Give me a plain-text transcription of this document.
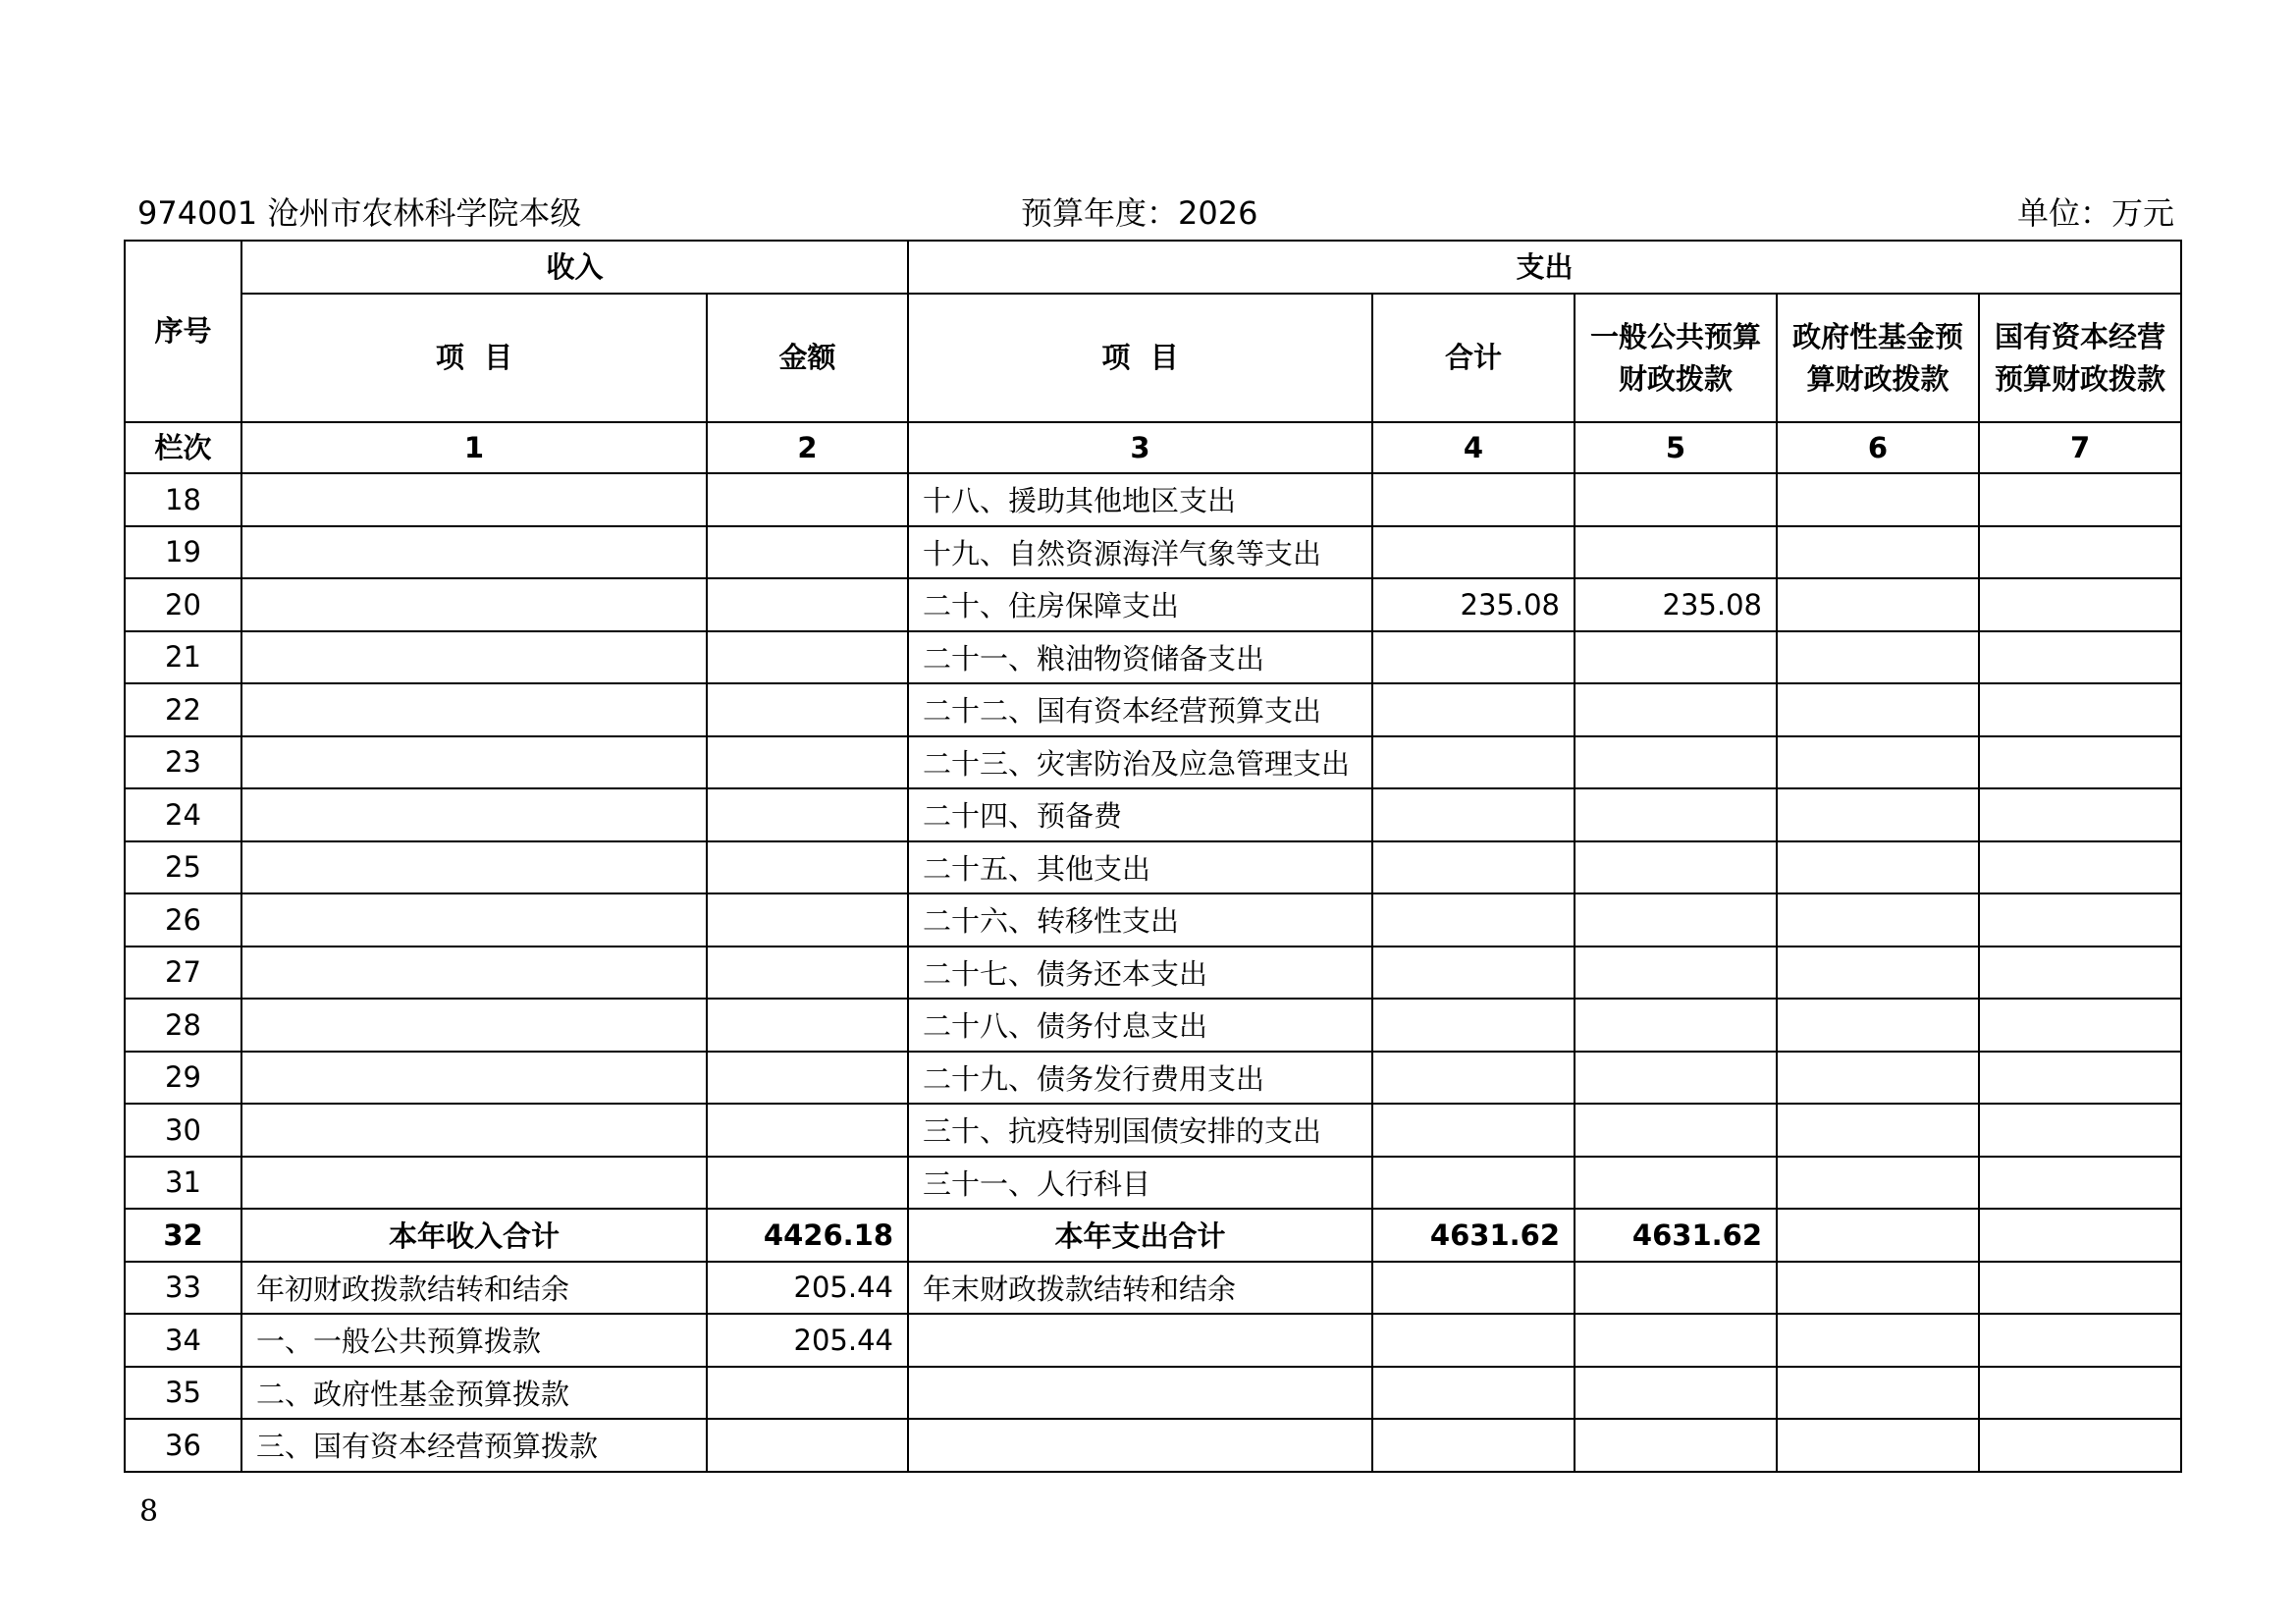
974001 沧州市农林科学院本级	预算年度：2026	单位：万元
序号	收入		支出				
	项  目	金额	项  目	合计	一般公共预算财政拨款	政府性基金预算财政拨款	国有资本经营预算财政拨款
栏次	1	2	3	4	5	6	7
18			十八、援助其他地区支出				
19			十九、自然资源海洋气象等支出				
20			二十、住房保障支出	235.08	235.08		
21			二十一、粮油物资储备支出				
22			二十二、国有资本经营预算支出				
23			二十三、灾害防治及应急管理支出				
24			二十四、预备费				
25			二十五、其他支出				
26			二十六、转移性支出				
27			二十七、债务还本支出				
28			二十八、债务付息支出				
29			二十九、债务发行费用支出				
30			三十、抗疫特别国债安排的支出				
31			三十一、人行科目				
32	本年收入合计	4426.18	本年支出合计	4631.62	4631.62		
33	年初财政拨款结转和结余	205.44	年末财政拨款结转和结余				
34	一、一般公共预算拨款	205.44					
35	二、政府性基金预算拨款						
36	三、国有资本经营预算拨款						
8
